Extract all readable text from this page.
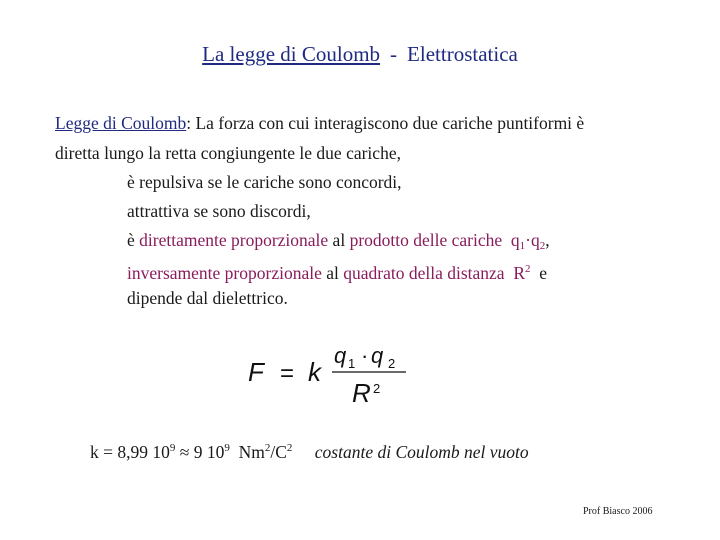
La legge di Coulomb - Elettrostatica
Legge di Coulomb: La forza con cui interagiscono due cariche puntiformi è
diretta lungo la retta congiungente le due cariche,
è repulsiva se le cariche sono concordi,
attrattiva se sono discordi,
è direttamente proporzionale al prodotto delle cariche $q_1\cdot q_2$,
inversamente proporzionale al quadrato della distanza $R^2$ e
dipende dal dielettrico.
F = k
q 1 · q 2
R 2
k = 8,99 $10^9 \approx 9$ $10^9$ $Nm^2/C^2$ costante di Coulomb nel vuoto
Prof Biasco 2006
